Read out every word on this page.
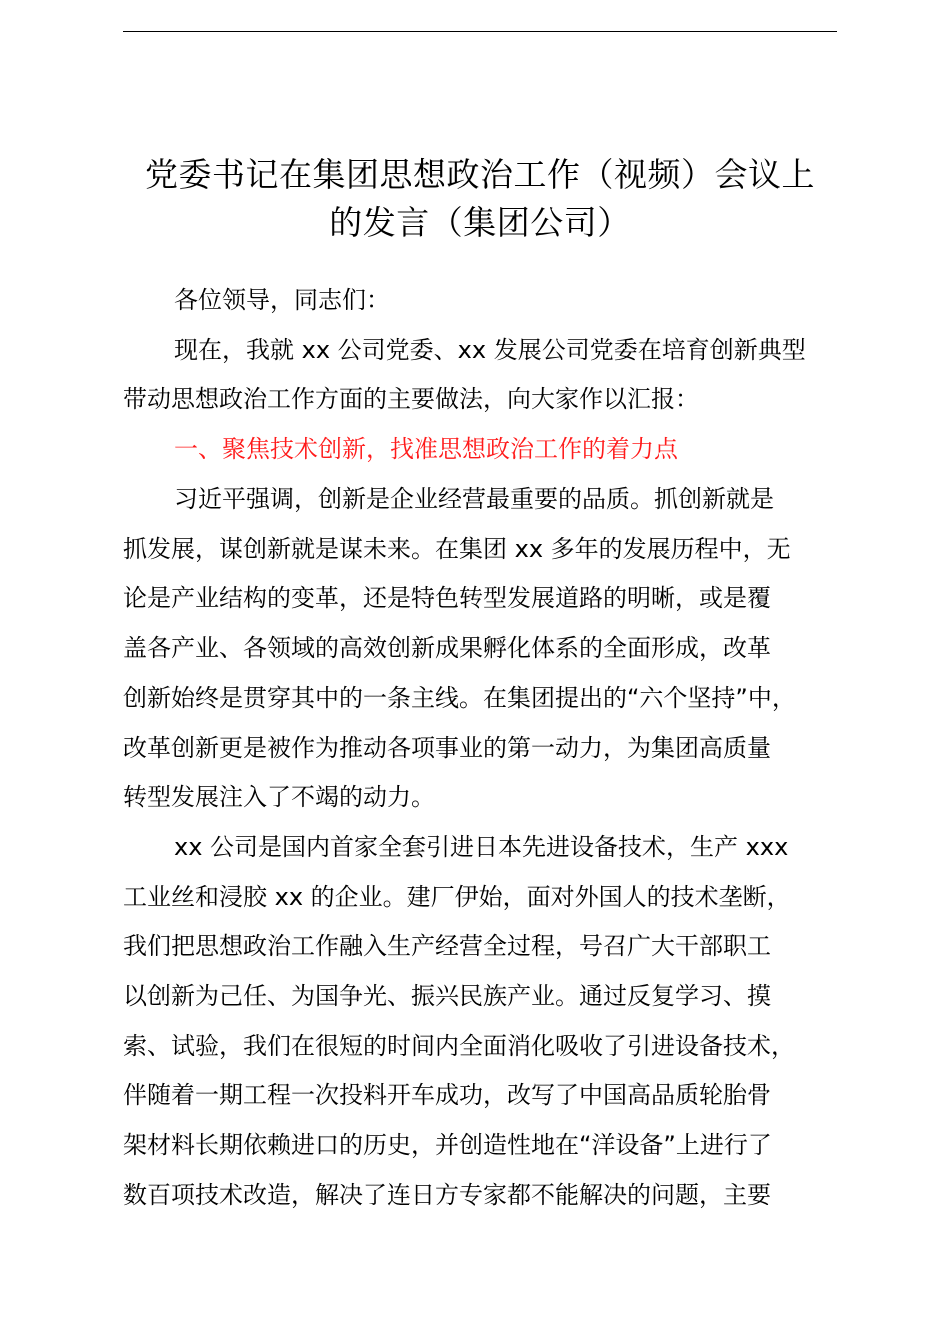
党委书记在集团思想政治工作（视频）会议上
的发言（集团公司）
各位领导，同志们：
现在，我就 xx 公司党委、xx 发展公司党委在培育创新典型
带动思想政治工作方面的主要做法，向大家作以汇报：
一、聚焦技术创新，找准思想政治工作的着力点
习近平强调，创新是企业经营最重要的品质。抓创新就是
抓发展，谋创新就是谋未来。在集团 xx 多年的发展历程中，无
论是产业结构的变革，还是特色转型发展道路的明晰，或是覆
盖各产业、各领域的高效创新成果孵化体系的全面形成，改革
创新始终是贯穿其中的一条主线。在集团提出的“六个坚持”中，
改革创新更是被作为推动各项事业的第一动力，为集团高质量
转型发展注入了不竭的动力。
xx 公司是国内首家全套引进日本先进设备技术，生产 xxx
工业丝和浸胶 xx 的企业。建厂伊始，面对外国人的技术垄断，
我们把思想政治工作融入生产经营全过程，号召广大干部职工
以创新为己任、为国争光、振兴民族产业。通过反复学习、摸
索、试验，我们在很短的时间内全面消化吸收了引进设备技术，
伴随着一期工程一次投料开车成功，改写了中国高品质轮胎骨
架材料长期依赖进口的历史，并创造性地在“洋设备”上进行了
数百项技术改造，解决了连日方专家都不能解决的问题，主要
